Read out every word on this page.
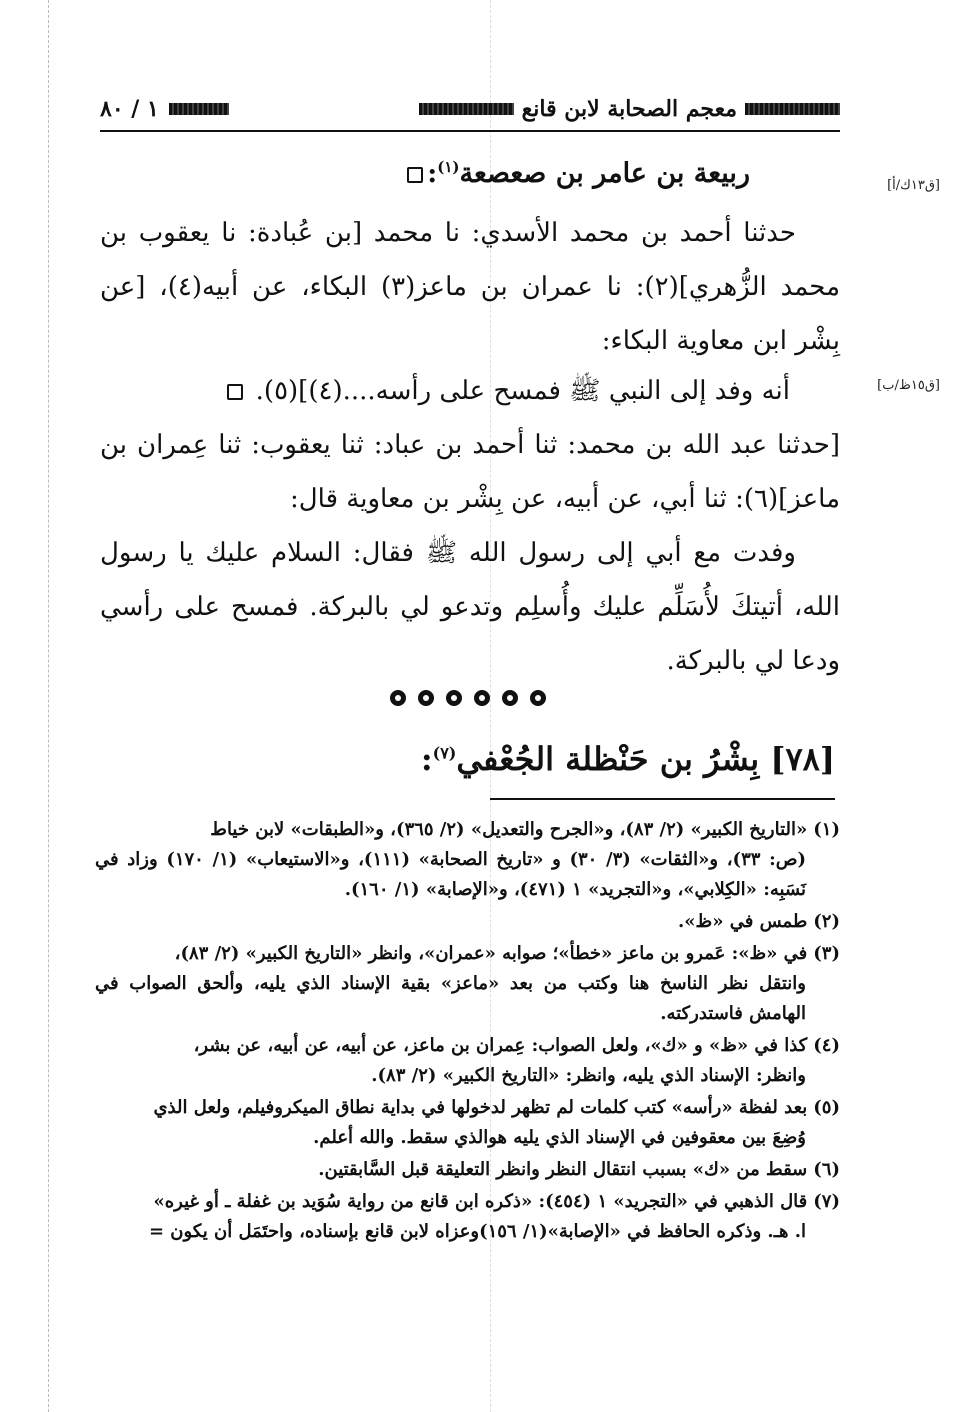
معجم الصحابة لابن قانع
١ / ٨٠
[ق١٣ك/أ]
ربيعة بن عامر بن صعصعة$^{(١)}$:
حدثنا أحمد بن محمد الأسدي: نا محمد [بن عُبادة: نا يعقوب بن محمد الزُّهري](٢): نا عمران بن ماعز(٣) البكاء، عن أبيه(٤)، [عن بِشْر ابن معاوية البكاء:
[ق١٥ظ/ب]
أنه وفد إلى النبي ﷺ فمسح على رأسه....(٤)](٥).
[حدثنا عبد الله بن محمد: ثنا أحمد بن عباد: ثنا يعقوب: ثنا عِمران بن ماعز](٦): ثنا أبي، عن أبيه، عن بِشْر بن معاوية قال:
وفدت مع أبي إلى رسول الله ﷺ فقال: السلام عليك يا رسول الله، أتيتكَ لأُسَلِّم عليك وأُسلِم وتدعو لي بالبركة. فمسح على رأسي ودعا لي بالبركة.
[٧٨] بِشْرُ بن حَنْظلة الجُعْفي$^{(٧)}$:
(١)«التاريخ الكبير» (٢/ ٨٣)، و«الجرح والتعديل» (٢/ ٣٦٥)، و«الطبقات» لابن خياط
(ص: ٣٣)، و«الثقات» (٣/ ٣٠) و «تاريخ الصحابة» (١١١)، و«الاستيعاب» (١/ ١٧٠) وزاد في نَسَبِه: «الكِلابي»، و«التجريد» ١ (٤٧١)، و«الإصابة» (١/ ١٦٠).
(٢)طمس في «ظ».
(٣)في «ظ»: عَمرو بن ماعز «خطأ»؛ صوابه «عمران»، وانظر «التاريخ الكبير» (٢/ ٨٣)،
وانتقل نظر الناسخ هنا وكتب من بعد «ماعز» بقية الإسناد الذي يليه، وألحق الصواب في الهامش فاستدركته.
(٤)كذا في «ظ» و «ك»، ولعل الصواب: عِمران بن ماعز، عن أبيه، عن أبيه، عن بشر،
وانظر: الإسناد الذي يليه، وانظر: «التاريخ الكبير» (٢/ ٨٣).
(٥)بعد لفظة «رأسه» كتب كلمات لم تظهر لدخولها في بداية نطاق الميكروفيلم، ولعل الذي
وُضِعَ بين معقوفين في الإسناد الذي يليه هوالذي سقط. والله أعلم.
(٦)سقط من «ك» بسبب انتقال النظر وانظر التعليقة قبل السَّابقتين.
(٧)قال الذهبي في «التجريد» ١ (٤٥٤): «ذكره ابن قانع من رواية سُوَيد بن غفلة ـ أو غيره»
ا. هـ. وذكره الحافظ في «الإصابة»(١/ ١٥٦)وعزاه لابن قانع بإسناده، واحتَمَل أن يكون =
